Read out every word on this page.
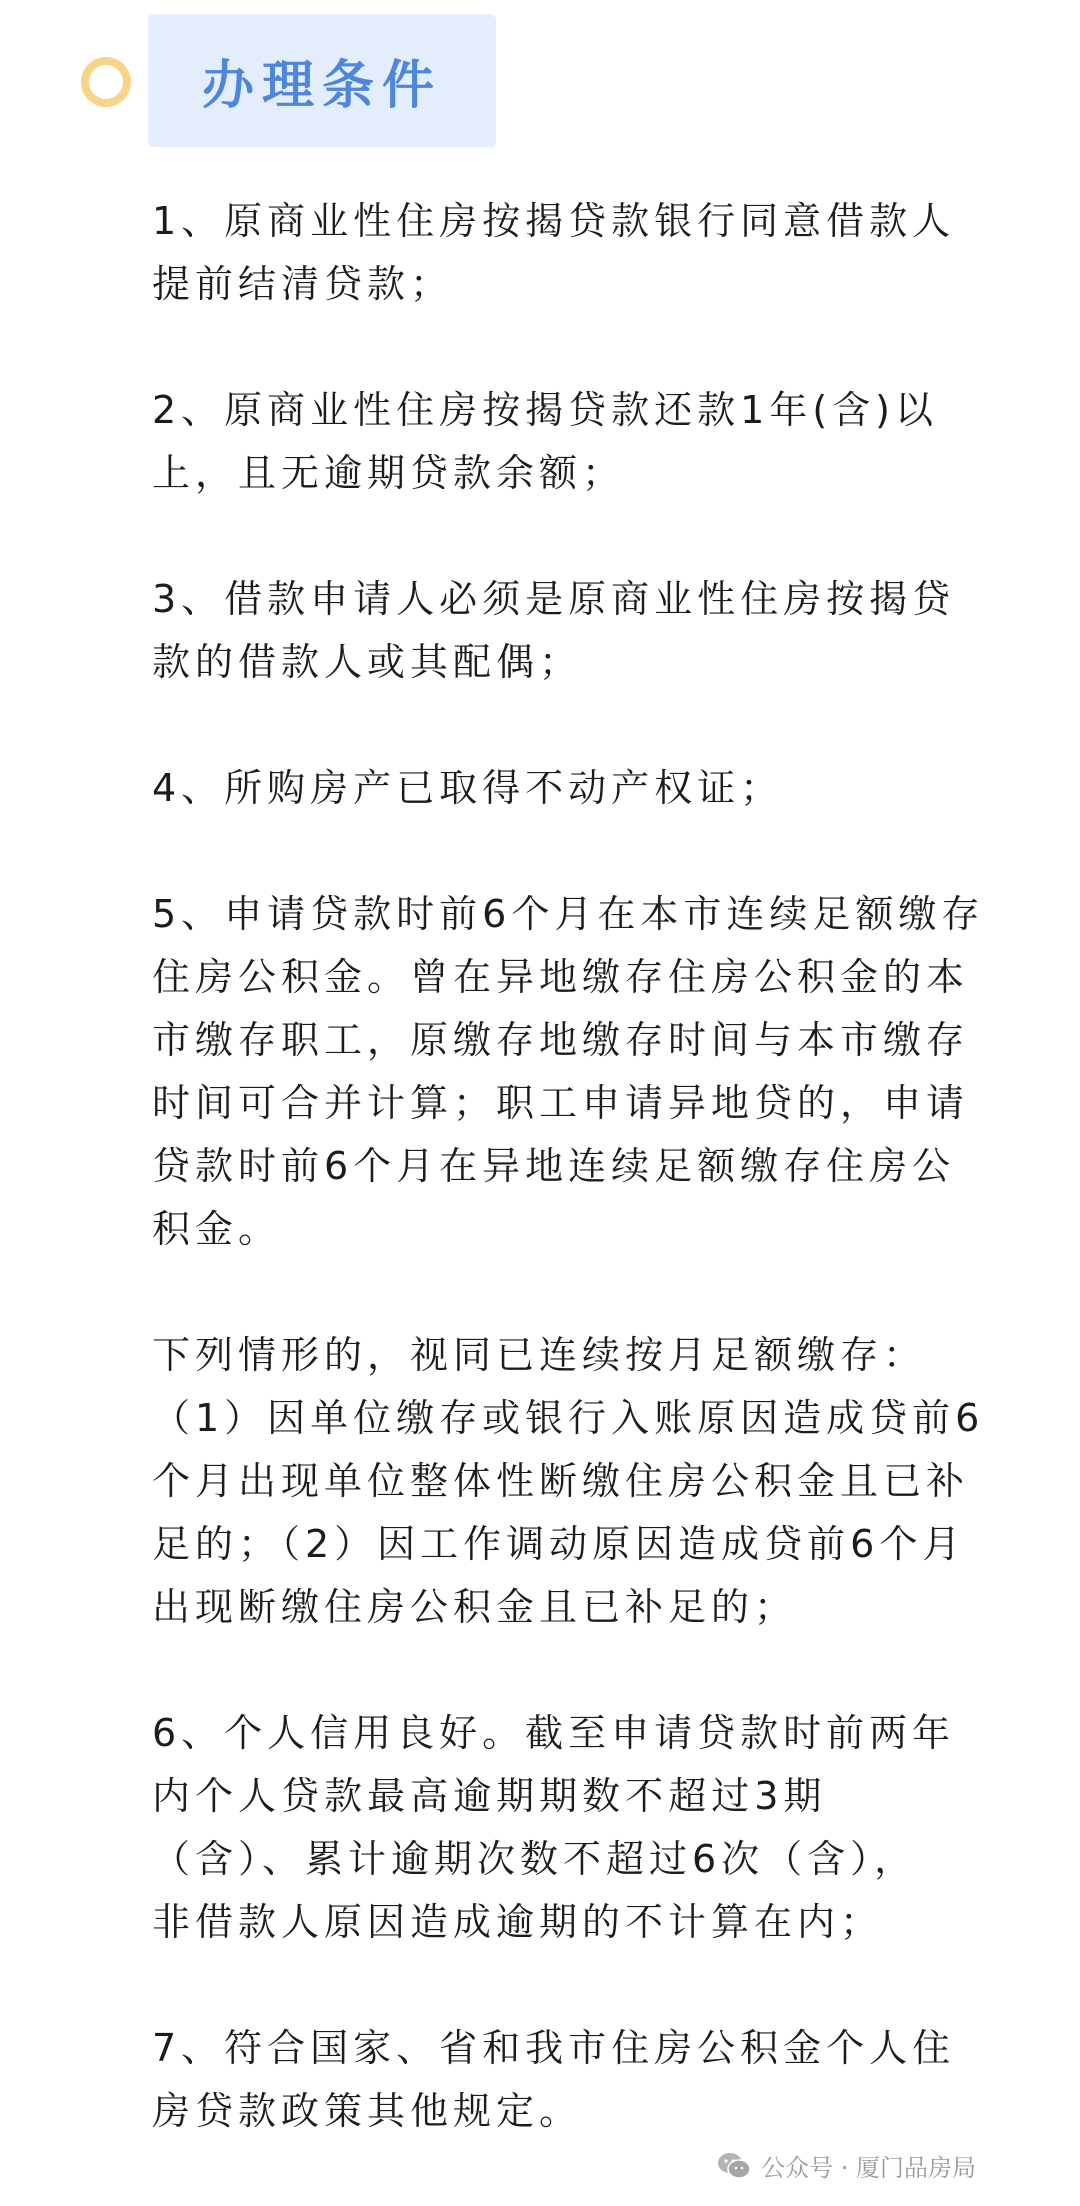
办理条件
1、原商业性住房按揭贷款银行同意借款人
提前结清贷款；
2、原商业性住房按揭贷款还款1年(含)以
上，且无逾期贷款余额；
3、借款申请人必须是原商业性住房按揭贷
款的借款人或其配偶；
4、所购房产已取得不动产权证；
5、申请贷款时前6个月在本市连续足额缴存
住房公积金。曾在异地缴存住房公积金的本
市缴存职工，原缴存地缴存时间与本市缴存
时间可合并计算；职工申请异地贷的，申请
贷款时前6个月在异地连续足额缴存住房公
积金。
下列情形的，视同已连续按月足额缴存：
（1）因单位缴存或银行入账原因造成贷前6
个月出现单位整体性断缴住房公积金且已补
足的；（2）因工作调动原因造成贷前6个月
出现断缴住房公积金且已补足的；
6、个人信用良好。截至申请贷款时前两年
内个人贷款最高逾期期数不超过3期
（含）、累计逾期次数不超过6次（含），
非借款人原因造成逾期的不计算在内；
7、符合国家、省和我市住房公积金个人住
房贷款政策其他规定。
公众号 · 厦门品房局
